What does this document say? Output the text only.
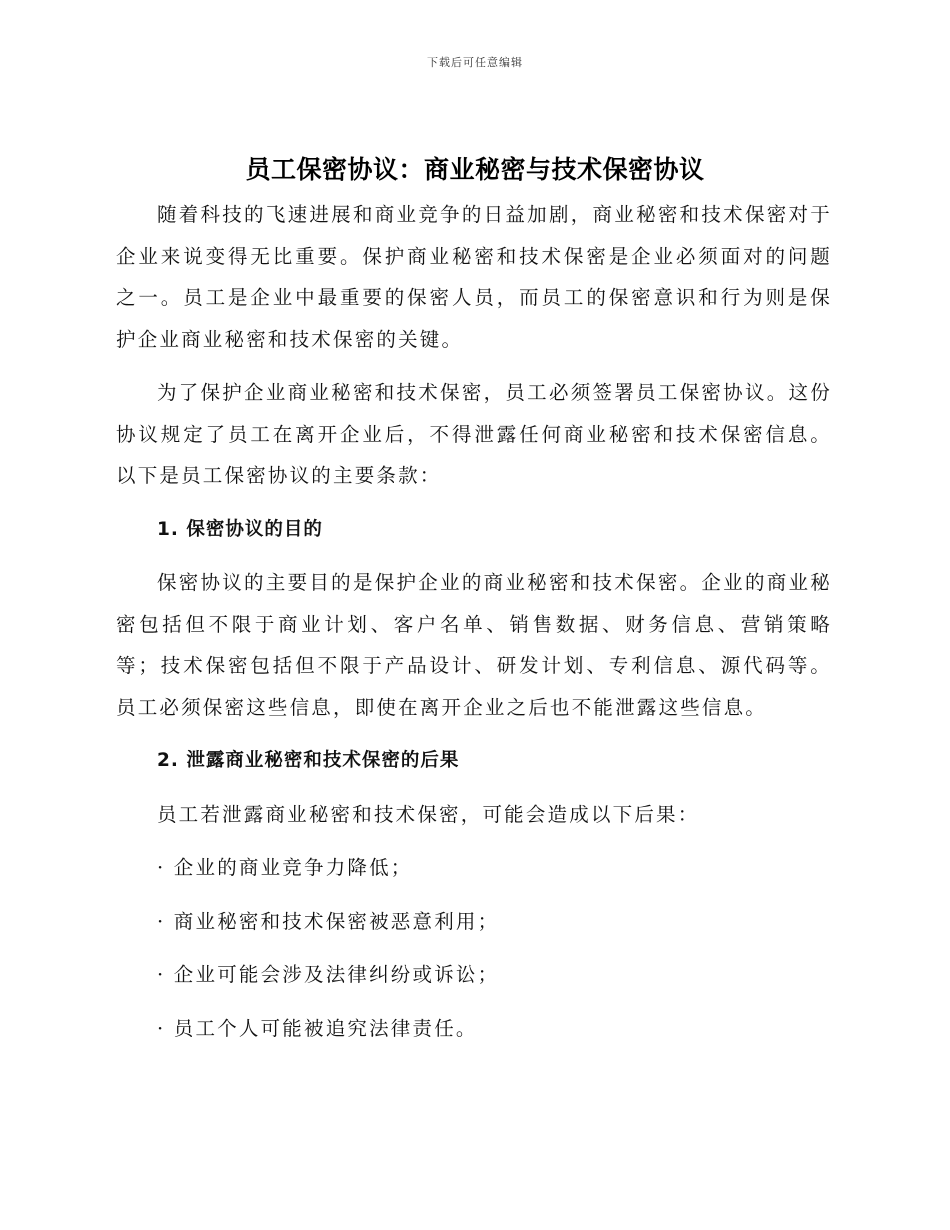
下载后可任意编辑
员工保密协议：商业秘密与技术保密协议

随着科技的飞速进展和商业竞争的日益加剧，商业秘密和技术保密对于企业来说变得无比重要。保护商业秘密和技术保密是企业必须面对的问题之一。员工是企业中最重要的保密人员，而员工的保密意识和行为则是保护企业商业秘密和技术保密的关键。

为了保护企业商业秘密和技术保密，员工必须签署员工保密协议。这份协议规定了员工在离开企业后，不得泄露任何商业秘密和技术保密信息。以下是员工保密协议的主要条款：

1. 保密协议的目的

保密协议的主要目的是保护企业的商业秘密和技术保密。企业的商业秘密包括但不限于商业计划、客户名单、销售数据、财务信息、营销策略等；技术保密包括但不限于产品设计、研发计划、专利信息、源代码等。员工必须保密这些信息，即使在离开企业之后也不能泄露这些信息。

2. 泄露商业秘密和技术保密的后果

员工若泄露商业秘密和技术保密，可能会造成以下后果：

· 企业的商业竞争力降低；
· 商业秘密和技术保密被恶意利用；
· 企业可能会涉及法律纠纷或诉讼；
· 员工个人可能被追究法律责任。
